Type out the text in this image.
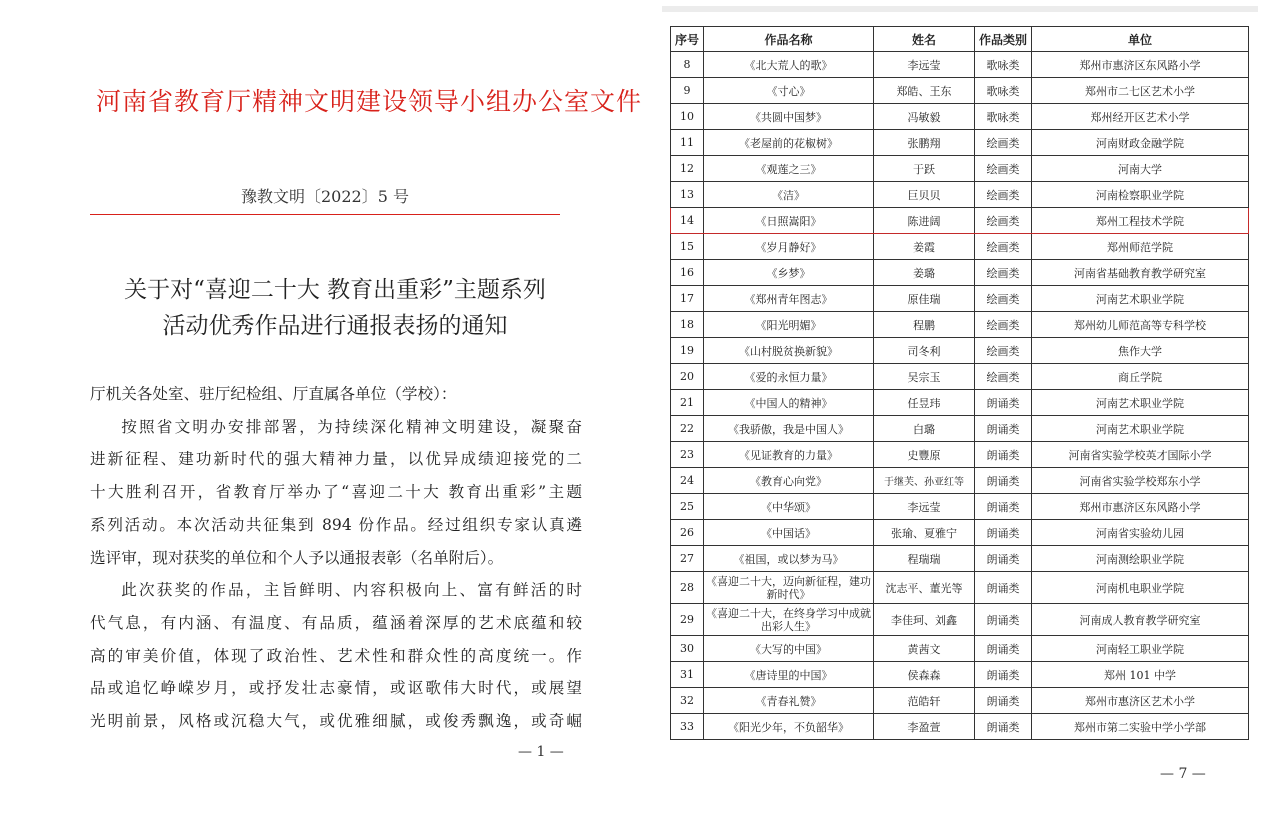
河南省教育厅精神文明建设领导小组办公室文件
豫教文明〔2022〕5 号
关于对“喜迎二十大 教育出重彩”主题系列
活动优秀作品进行通报表扬的通知

厅机关各处室、驻厅纪检组、厅直属各单位（学校）：

按照省文明办安排部署，为持续深化精神文明建设，凝聚奋

进新征程、建功新时代的强大精神力量，以优异成绩迎接党的二

十大胜利召开，省教育厅举办了“喜迎二十大 教育出重彩”主题

系列活动。本次活动共征集到 894 份作品。经过组织专家认真遴

选评审，现对获奖的单位和个人予以通报表彰（名单附后）。

此次获奖的作品，主旨鲜明、内容积极向上、富有鲜活的时

代气息，有内涵、有温度、有品质，蕴涵着深厚的艺术底蕴和较

高的审美价值，体现了政治性、艺术性和群众性的高度统一。作

品或追忆峥嵘岁月，或抒发壮志豪情，或讴歌伟大时代，或展望

光明前景，风格或沉稳大气，或优雅细腻，或俊秀飘逸，或奇崛

— 1 —
序号	作品名称	姓名	作品类别	单位
8	《北大荒人的歌》	李远莹	歌咏类	郑州市惠济区东风路小学
9	《寸心》	郑皓、王东	歌咏类	郑州市二七区艺术小学
10	《共圆中国梦》	冯敏毅	歌咏类	郑州经开区艺术小学
11	《老屋前的花椒树》	张鹏翔	绘画类	河南财政金融学院
12	《观莲之三》	于跃	绘画类	河南大学
13	《洁》	巨贝贝	绘画类	河南检察职业学院
14	《日照嵩阳》	陈进阔	绘画类	郑州工程技术学院
15	《岁月静好》	姜霞	绘画类	郑州师范学院
16	《乡梦》	姜璐	绘画类	河南省基础教育教学研究室
17	《郑州青年图志》	原佳瑞	绘画类	河南艺术职业学院
18	《阳光明媚》	程鹏	绘画类	郑州幼儿师范高等专科学校
19	《山村脱贫换新貌》	司冬利	绘画类	焦作大学
20	《爱的永恒力量》	吴宗玉	绘画类	商丘学院
21	《中国人的精神》	任昱玮	朗诵类	河南艺术职业学院
22	《我骄傲，我是中国人》	白璐	朗诵类	河南艺术职业学院
23	《见证教育的力量》	史豐原	朗诵类	河南省实验学校英才国际小学
24	《教育心向党》	于继芙、孙亚红等	朗诵类	河南省实验学校郑东小学
25	《中华颂》	李远莹	朗诵类	郑州市惠济区东风路小学
26	《中国话》	张瑜、夏雅宁	朗诵类	河南省实验幼儿园
27	《祖国，或以梦为马》	程瑞瑞	朗诵类	河南测绘职业学院
28	《喜迎二十大，迈向新征程，建功新时代》	沈志平、董光等	朗诵类	河南机电职业学院
29	《喜迎二十大，在终身学习中成就出彩人生》	李佳珂、刘鑫	朗诵类	河南成人教育教学研究室
30	《大写的中国》	黄茜文	朗诵类	河南轻工职业学院
31	《唐诗里的中国》	侯森森	朗诵类	郑州 101 中学
32	《青春礼赞》	范皓轩	朗诵类	郑州市惠济区艺术小学
33	《阳光少年，不负韶华》	李盈萱	朗诵类	郑州市第二实验中学小学部
— 7 —
